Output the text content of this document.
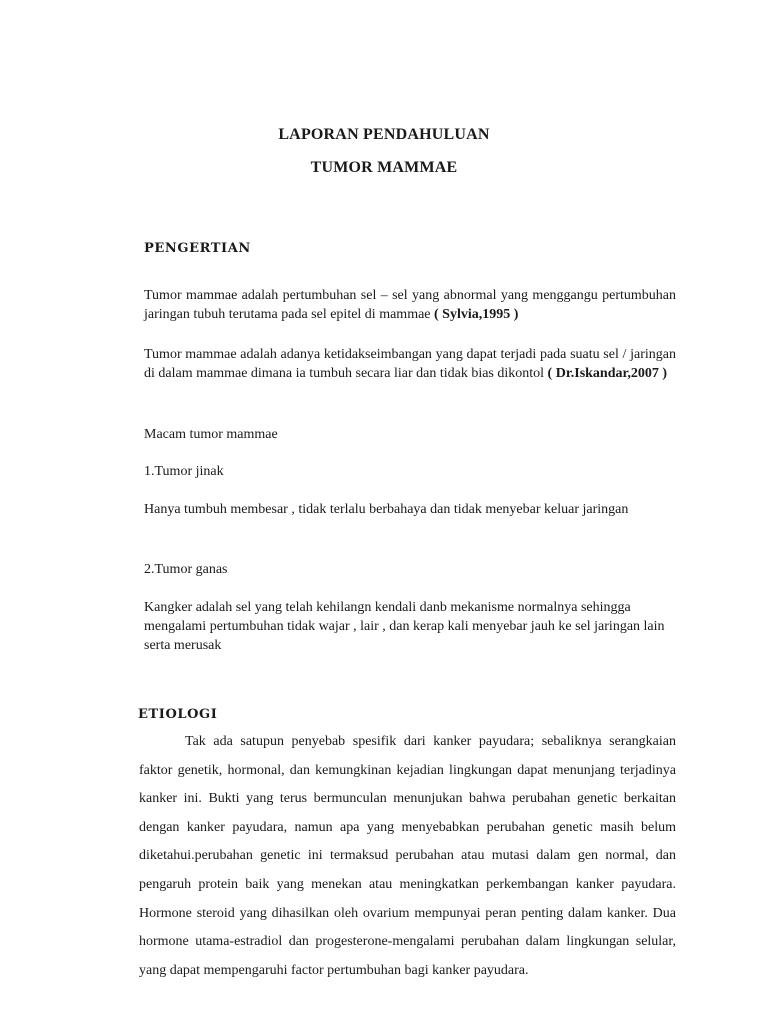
LAPORAN PENDAHULUAN
TUMOR MAMMAE
PENGERTIAN
Tumor mammae adalah pertumbuhan sel – sel yang abnormal yang menggangu pertumbuhan jaringan tubuh terutama pada sel epitel di mammae ( Sylvia,1995 )
Tumor mammae adalah adanya ketidakseimbangan yang dapat terjadi pada suatu sel / jaringan di dalam mammae dimana ia tumbuh secara liar dan tidak bias dikontol ( Dr.Iskandar,2007 )
Macam tumor mammae
1.Tumor jinak
Hanya tumbuh membesar , tidak terlalu berbahaya dan tidak menyebar keluar jaringan
2.Tumor ganas
Kangker adalah sel yang telah kehilangn kendali danb mekanisme normalnya sehingga mengalami pertumbuhan tidak wajar , lair , dan kerap kali menyebar jauh ke sel jaringan lain serta merusak
ETIOLOGI
Tak ada satupun penyebab spesifik dari kanker payudara; sebaliknya serangkaian faktor genetik, hormonal, dan kemungkinan kejadian lingkungan dapat menunjang terjadinya kanker ini. Bukti yang terus bermunculan menunjukan bahwa perubahan genetic berkaitan dengan kanker payudara, namun apa yang menyebabkan perubahan genetic masih belum diketahui.perubahan genetic ini termaksud perubahan atau mutasi dalam gen normal, dan pengaruh protein baik yang menekan atau meningkatkan perkembangan kanker payudara. Hormone steroid yang dihasilkan oleh ovarium mempunyai peran penting dalam kanker. Dua hormone utama-estradiol dan progesterone-mengalami perubahan dalam lingkungan selular, yang dapat mempengaruhi factor pertumbuhan bagi kanker payudara.
